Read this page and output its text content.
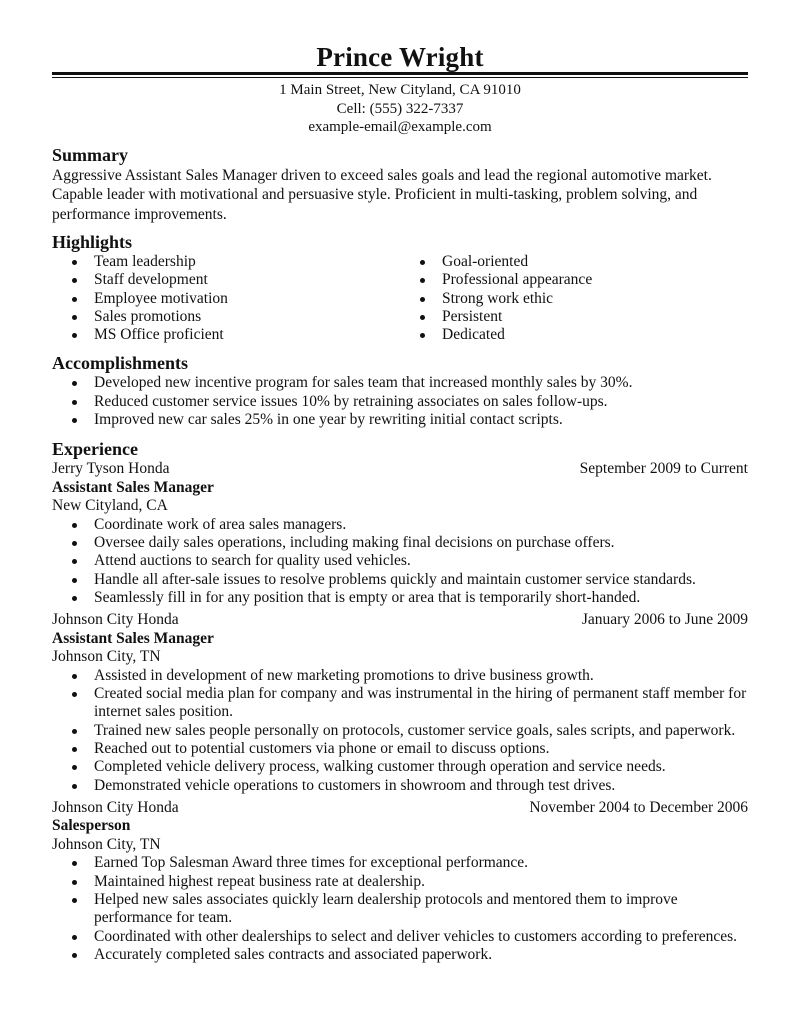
Prince Wright
1 Main Street, New Cityland, CA 91010
Cell: (555) 322-7337
example-email@example.com
Summary
Aggressive Assistant Sales Manager driven to exceed sales goals and lead the regional automotive market.
Capable leader with motivational and persuasive style. Proficient in multi-tasking, problem solving, and
performance improvements.
Highlights
Team leadership
Staff development
Employee motivation
Sales promotions
MS Office proficient
Goal-oriented
Professional appearance
Strong work ethic
Persistent
Dedicated
Accomplishments
Developed new incentive program for sales team that increased monthly sales by 30%.
Reduced customer service issues 10% by retraining associates on sales follow-ups.
Improved new car sales 25% in one year by rewriting initial contact scripts.
Experience
Jerry Tyson Honda	September 2009 to Current
Assistant Sales Manager
New Cityland, CA
Coordinate work of area sales managers.
Oversee daily sales operations, including making final decisions on purchase offers.
Attend auctions to search for quality used vehicles.
Handle all after-sale issues to resolve problems quickly and maintain customer service standards.
Seamlessly fill in for any position that is empty or area that is temporarily short-handed.
Johnson City Honda	January 2006 to June 2009
Assistant Sales Manager
Johnson City, TN
Assisted in development of new marketing promotions to drive business growth.
Created social media plan for company and was instrumental in the hiring of permanent staff member for internet sales position.
Trained new sales people personally on protocols, customer service goals, sales scripts, and paperwork.
Reached out to potential customers via phone or email to discuss options.
Completed vehicle delivery process, walking customer through operation and service needs.
Demonstrated vehicle operations to customers in showroom and through test drives.
Johnson City Honda	November 2004 to December 2006
Salesperson
Johnson City, TN
Earned Top Salesman Award three times for exceptional performance.
Maintained highest repeat business rate at dealership.
Helped new sales associates quickly learn dealership protocols and mentored them to improve performance for team.
Coordinated with other dealerships to select and deliver vehicles to customers according to preferences.
Accurately completed sales contracts and associated paperwork.
